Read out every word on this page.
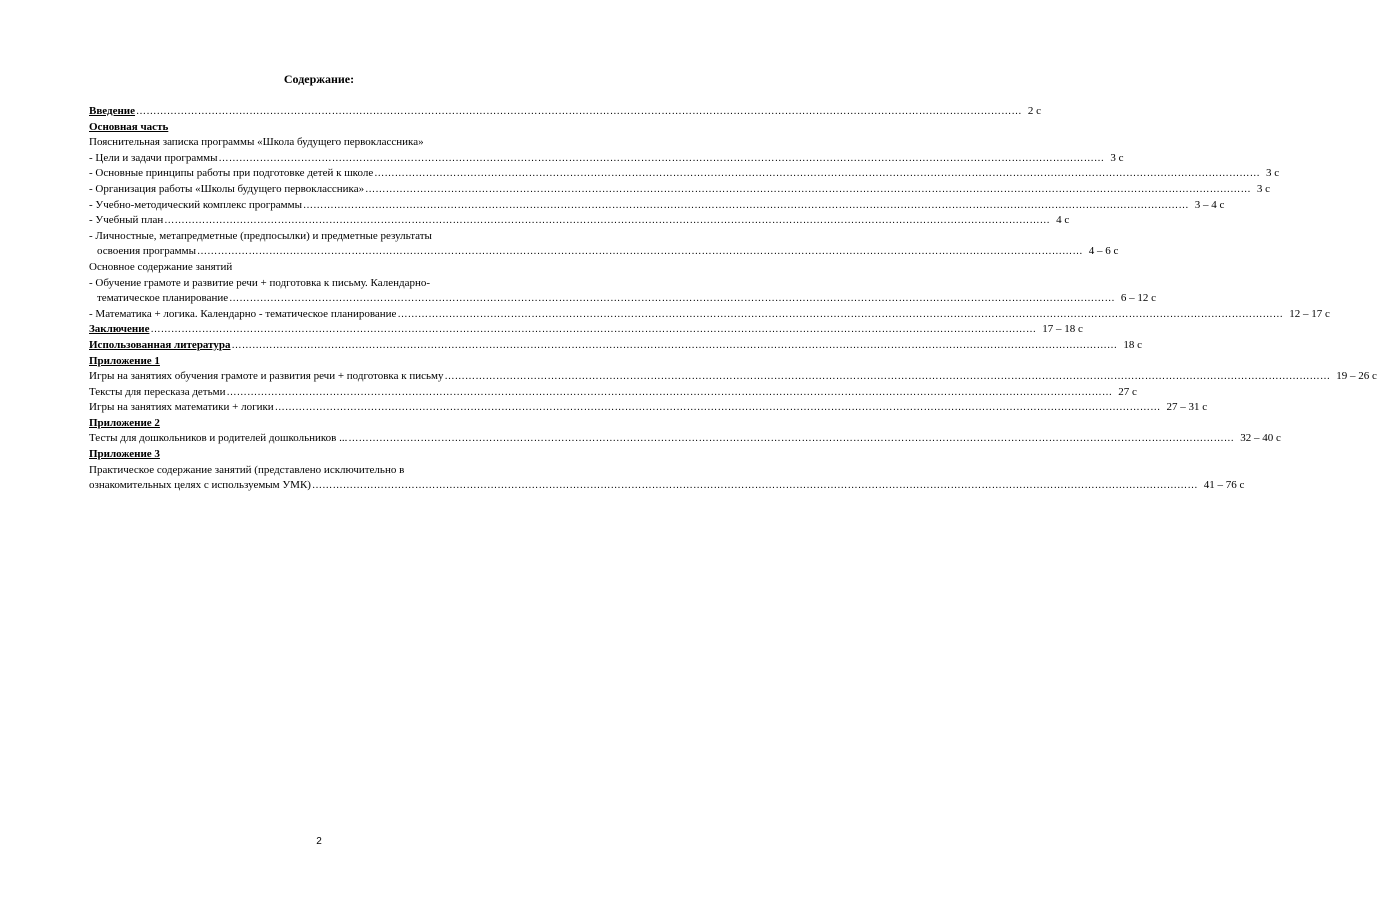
Содержание:
Введение …………………………………………………………………………………………………………………………………………………………………………………………………………………………………… 2 с
Основная часть
Пояснительная записка программы «Школа будущего первоклассника»
- Цели и задачи программы …………………………………………………………………………………………………………………………………………………………………………………………………………………………………… 3 с
- Основные принципы работы при подготовке детей к школе …………………………………………………………………………………………………………………………………………………………………………………………………………………………………… 3 с
- Организация работы «Школы будущего первоклассника» …………………………………………………………………………………………………………………………………………………………………………………………………………………………………… 3 с
- Учебно-методический комплекс программы …………………………………………………………………………………………………………………………………………………………………………………………………………………………………… 3 – 4 с
- Учебный план …………………………………………………………………………………………………………………………………………………………………………………………………………………………………… 4 с
- Личностные, метапредметные (предпосылки) и предметные результаты
освоения программы …………………………………………………………………………………………………………………………………………………………………………………………………………………………………… 4 – 6 с
Основное содержание занятий
- Обучение грамоте и развитие речи + подготовка к письму. Календарно-
тематическое планирование …………………………………………………………………………………………………………………………………………………………………………………………………………………………………… 6 – 12 с
- Математика + логика. Календарно - тематическое планирование …………………………………………………………………………………………………………………………………………………………………………………………………………………………………… 12 – 17 с
Заключение …………………………………………………………………………………………………………………………………………………………………………………………………………………………………… 17 – 18 с
Использованная литература …………………………………………………………………………………………………………………………………………………………………………………………………………………………………… 18 с
Приложение 1
Игры на занятиях обучения грамоте и развития речи + подготовка к письму …………………………………………………………………………………………………………………………………………………………………………………………………………………………………… 19 – 26 с
Тексты для пересказа детьми …………………………………………………………………………………………………………………………………………………………………………………………………………………………………… 27 с
Игры на занятиях математики + логики …………………………………………………………………………………………………………………………………………………………………………………………………………………………………… 27 – 31 с
Приложение 2
Тесты для дошкольников и родителей дошкольников ... …………………………………………………………………………………………………………………………………………………………………………………………………………………………………… 32 – 40 с
Приложение 3
Практическое содержание занятий (представлено исключительно в
ознакомительных целях с используемым УМК) …………………………………………………………………………………………………………………………………………………………………………………………………………………………………… 41 – 76 с
2
